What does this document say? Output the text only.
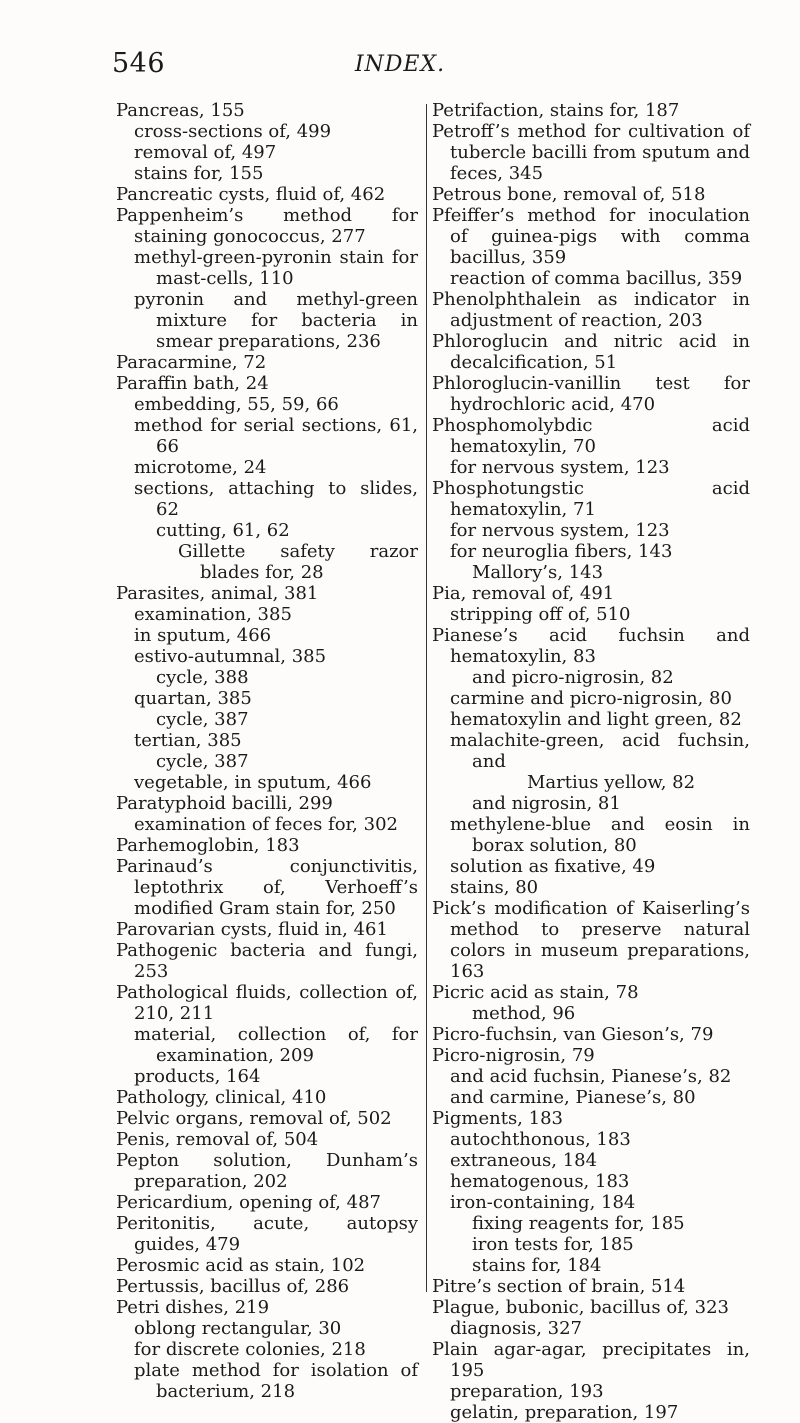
546	INDEX.
Pancreas, 155
cross-sections of, 499
removal of, 497
stains for, 155
Pancreatic cysts, fluid of, 462
Pappenheim’s method for staining gonococcus, 277
methyl-green-pyronin stain for mast-cells, 110
pyronin and methyl-green mixture for bacteria in smear preparations, 236
Paracarmine, 72
Paraffin bath, 24
embedding, 55, 59, 66
method for serial sections, 61, 66
microtome, 24
sections, attaching to slides, 62
cutting, 61, 62
Gillette safety razor blades for, 28
Parasites, animal, 381
examination, 385
in sputum, 466
estivo-autumnal, 385
cycle, 388
quartan, 385
cycle, 387
tertian, 385
cycle, 387
vegetable, in sputum, 466
Paratyphoid bacilli, 299
examination of feces for, 302
Parhemoglobin, 183
Parinaud’s conjunctivitis, leptothrix of, Verhoeff’s modified Gram stain for, 250
Parovarian cysts, fluid in, 461
Pathogenic bacteria and fungi, 253
Pathological fluids, collection of, 210, 211
material, collection of, for examination, 209
products, 164
Pathology, clinical, 410
Pelvic organs, removal of, 502
Penis, removal of, 504
Pepton solution, Dunham’s preparation, 202
Pericardium, opening of, 487
Peritonitis, acute, autopsy guides, 479
Perosmic acid as stain, 102
Pertussis, bacillus of, 286
Petri dishes, 219
oblong rectangular, 30
for discrete colonies, 218
plate method for isolation of bacterium, 218
Petrifaction, stains for, 187
Petroff’s method for cultivation of tubercle bacilli from sputum and feces, 345
Petrous bone, removal of, 518
Pfeiffer’s method for inoculation of guinea-pigs with comma bacillus, 359
reaction of comma bacillus, 359
Phenolphthalein as indicator in adjustment of reaction, 203
Phloroglucin and nitric acid in decalcification, 51
Phloroglucin-vanillin test for hydrochloric acid, 470
Phosphomolybdic acid hematoxylin, 70
for nervous system, 123
Phosphotungstic acid hematoxylin, 71
for nervous system, 123
for neuroglia fibers, 143
Mallory’s, 143
Pia, removal of, 491
stripping off of, 510
Pianese’s acid fuchsin and hematoxylin, 83
and picro-nigrosin, 82
carmine and picro-nigrosin, 80
hematoxylin and light green, 82
malachite-green, acid fuchsin, and
Martius yellow, 82
and nigrosin, 81
methylene-blue and eosin in borax solution, 80
solution as fixative, 49
stains, 80
Pick’s modification of Kaiserling’s method to preserve natural colors in museum preparations, 163
Picric acid as stain, 78
method, 96
Picro-fuchsin, van Gieson’s, 79
Picro-nigrosin, 79
and acid fuchsin, Pianese’s, 82
and carmine, Pianese’s, 80
Pigments, 183
autochthonous, 183
extraneous, 184
hematogenous, 183
iron-containing, 184
fixing reagents for, 185
iron tests for, 185
stains for, 184
Pitre’s section of brain, 514
Plague, bubonic, bacillus of, 323
diagnosis, 327
Plain agar-agar, precipitates in, 195
preparation, 193
gelatin, preparation, 197
